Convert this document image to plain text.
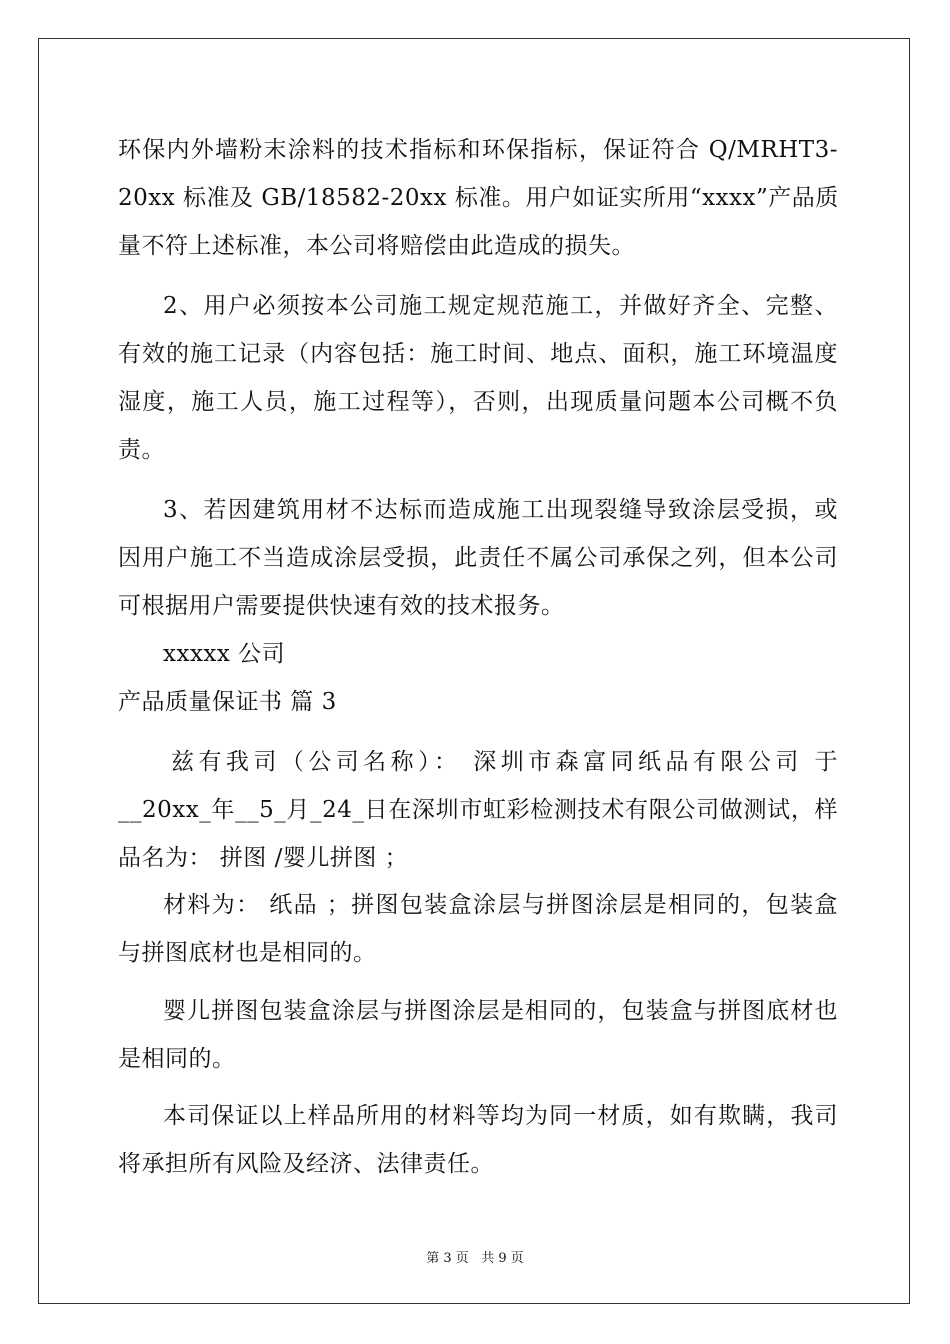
环保内外墙粉末涂料的技术指标和环保指标，保证符合 Q/MRHT3-
20xx 标准及 GB/18582-20xx 标准。用户如证实所用“xxxx”产品质
量不符上述标准，本公司将赔偿由此造成的损失。
2、用户必须按本公司施工规定规范施工，并做好齐全、完整、
有效的施工记录（内容包括：施工时间、地点、面积，施工环境温度
湿度，施工人员，施工过程等），否则，出现质量问题本公司概不负
责。
3、若因建筑用材不达标而造成施工出现裂缝导致涂层受损，或
因用户施工不当造成涂层受损，此责任不属公司承保之列，但本公司
可根据用户需要提供快速有效的技术报务。
xxxxx 公司
产品质量保证书 篇 3
兹有我司（公司名称）： 深圳市森富同纸品有限公司 于
__20xx_年__5_月_24_日在深圳市虹彩检测技术有限公司做测试，样
品名为： 拼图 /婴儿拼图 ；
材料为： 纸品 ；拼图包装盒涂层与拼图涂层是相同的，包装盒
与拼图底材也是相同的。
婴儿拼图包装盒涂层与拼图涂层是相同的，包装盒与拼图底材也
是相同的。
本司保证以上样品所用的材料等均为同一材质，如有欺瞒，我司
将承担所有风险及经济、法律责任。
第 3 页   共 9 页
